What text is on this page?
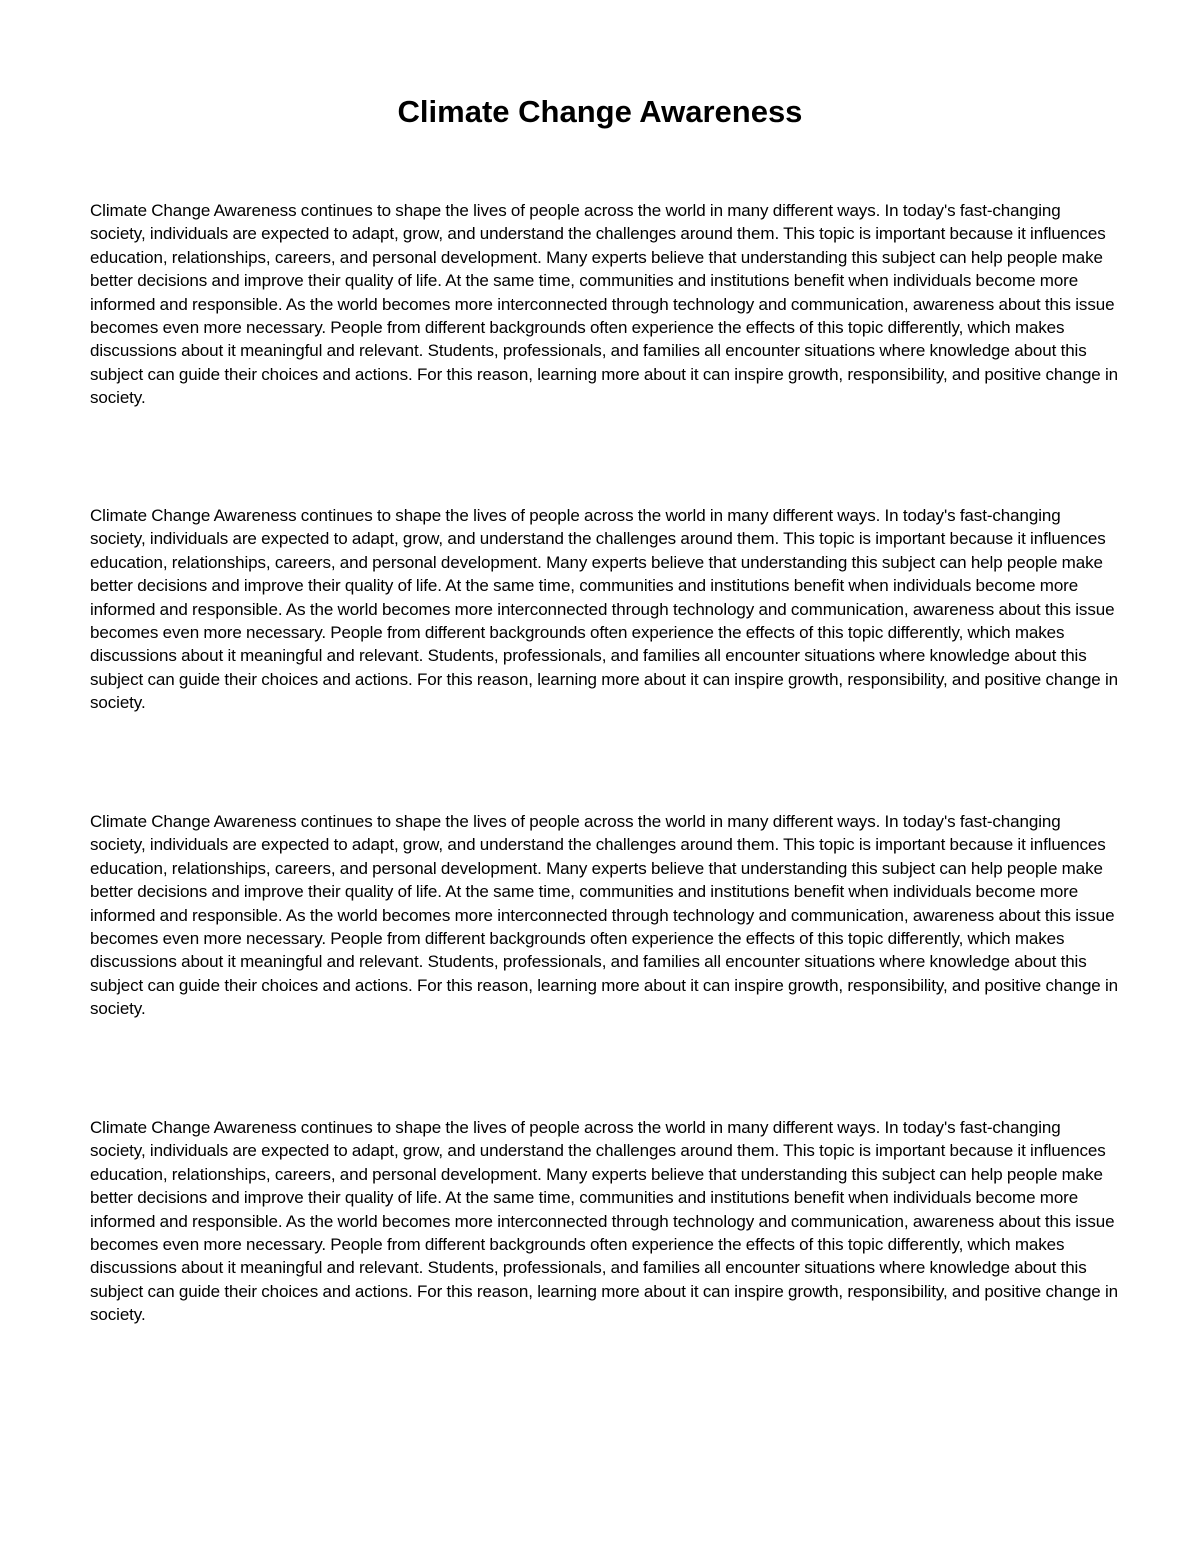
Climate Change Awareness

Climate Change Awareness continues to shape the lives of people across the world in many different ways. In today's fast-changing society, individuals are expected to adapt, grow, and understand the challenges around them. This topic is important because it influences education, relationships, careers, and personal development. Many experts believe that understanding this subject can help people make better decisions and improve their quality of life. At the same time, communities and institutions benefit when individuals become more informed and responsible. As the world becomes more interconnected through technology and communication, awareness about this issue becomes even more necessary. People from different backgrounds often experience the effects of this topic differently, which makes discussions about it meaningful and relevant. Students, professionals, and families all encounter situations where knowledge about this subject can guide their choices and actions. For this reason, learning more about it can inspire growth, responsibility, and positive change in society.

Climate Change Awareness continues to shape the lives of people across the world in many different ways. In today's fast-changing society, individuals are expected to adapt, grow, and understand the challenges around them. This topic is important because it influences education, relationships, careers, and personal development. Many experts believe that understanding this subject can help people make better decisions and improve their quality of life. At the same time, communities and institutions benefit when individuals become more informed and responsible. As the world becomes more interconnected through technology and communication, awareness about this issue becomes even more necessary. People from different backgrounds often experience the effects of this topic differently, which makes discussions about it meaningful and relevant. Students, professionals, and families all encounter situations where knowledge about this subject can guide their choices and actions. For this reason, learning more about it can inspire growth, responsibility, and positive change in society.

Climate Change Awareness continues to shape the lives of people across the world in many different ways. In today's fast-changing society, individuals are expected to adapt, grow, and understand the challenges around them. This topic is important because it influences education, relationships, careers, and personal development. Many experts believe that understanding this subject can help people make better decisions and improve their quality of life. At the same time, communities and institutions benefit when individuals become more informed and responsible. As the world becomes more interconnected through technology and communication, awareness about this issue becomes even more necessary. People from different backgrounds often experience the effects of this topic differently, which makes discussions about it meaningful and relevant. Students, professionals, and families all encounter situations where knowledge about this subject can guide their choices and actions. For this reason, learning more about it can inspire growth, responsibility, and positive change in society.

Climate Change Awareness continues to shape the lives of people across the world in many different ways. In today's fast-changing society, individuals are expected to adapt, grow, and understand the challenges around them. This topic is important because it influences education, relationships, careers, and personal development. Many experts believe that understanding this subject can help people make better decisions and improve their quality of life. At the same time, communities and institutions benefit when individuals become more informed and responsible. As the world becomes more interconnected through technology and communication, awareness about this issue becomes even more necessary. People from different backgrounds often experience the effects of this topic differently, which makes discussions about it meaningful and relevant. Students, professionals, and families all encounter situations where knowledge about this subject can guide their choices and actions. For this reason, learning more about it can inspire growth, responsibility, and positive change in society.
